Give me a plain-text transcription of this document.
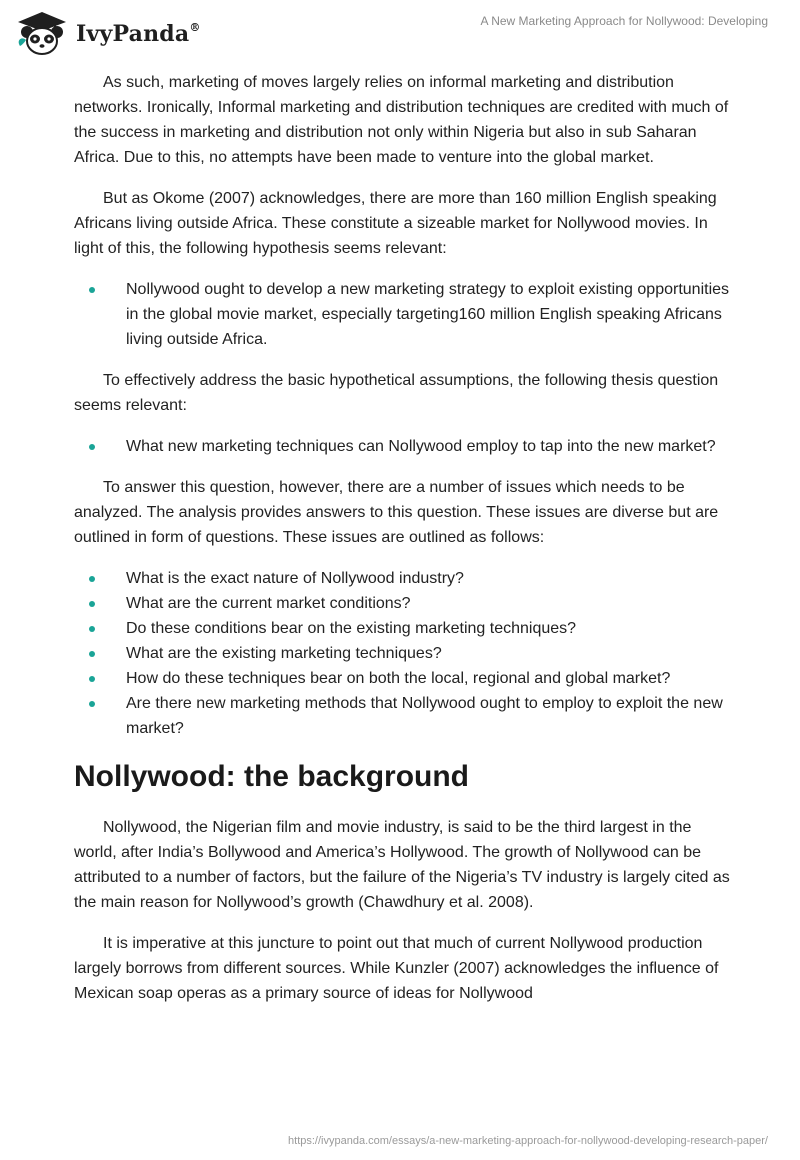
IvyPanda®	A New Marketing Approach for Nollywood: Developing

As such, marketing of moves largely relies on informal marketing and distribution networks. Ironically, Informal marketing and distribution techniques are credited with much of the success in marketing and distribution not only within Nigeria but also in sub Saharan Africa. Due to this, no attempts have been made to venture into the global market.

But as Okome (2007) acknowledges, there are more than 160 million English speaking Africans living outside Africa. These constitute a sizeable market for Nollywood movies. In light of this, the following hypothesis seems relevant:

Nollywood ought to develop a new marketing strategy to exploit existing opportunities in the global movie market, especially targeting160 million English speaking Africans living outside Africa.

To effectively address the basic hypothetical assumptions, the following thesis question seems relevant:

What new marketing techniques can Nollywood employ to tap into the new market?

To answer this question, however, there are a number of issues which needs to be analyzed. The analysis provides answers to this question. These issues are diverse but are outlined in form of questions. These issues are outlined as follows:

What is the exact nature of Nollywood industry?
What are the current market conditions?
Do these conditions bear on the existing marketing techniques?
What are the existing marketing techniques?
How do these techniques bear on both the local, regional and global market?
Are there new marketing methods that Nollywood ought to employ to exploit the new market?
Nollywood: the background

Nollywood, the Nigerian film and movie industry, is said to be the third largest in the world, after India’s Bollywood and America’s Hollywood. The growth of Nollywood can be attributed to a number of factors, but the failure of the Nigeria’s TV industry is largely cited as the main reason for Nollywood’s growth (Chawdhury et al. 2008).

It is imperative at this juncture to point out that much of current Nollywood production largely borrows from different sources. While Kunzler (2007) acknowledges the influence of Mexican soap operas as a primary source of ideas for Nollywood

https://ivypanda.com/essays/a-new-marketing-approach-for-nollywood-developing-research-paper/
